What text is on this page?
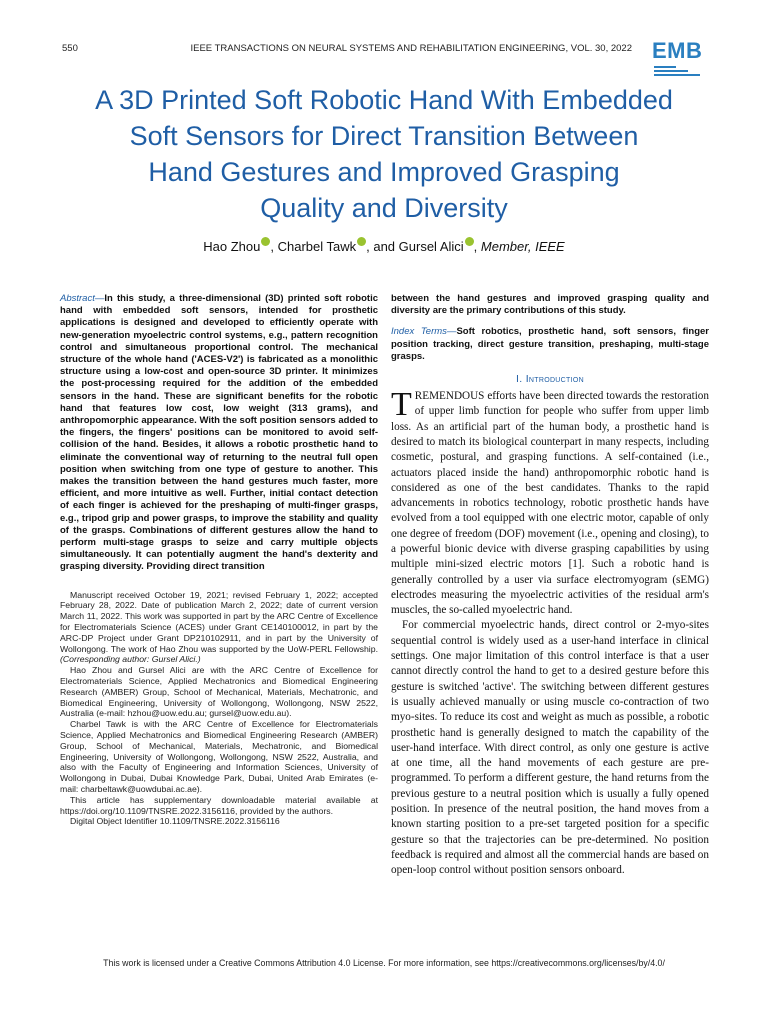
550	IEEE TRANSACTIONS ON NEURAL SYSTEMS AND REHABILITATION ENGINEERING, VOL. 30, 2022 EMB
A 3D Printed Soft Robotic Hand With Embedded
Soft Sensors for Direct Transition Between
Hand Gestures and Improved Grasping
Quality and Diversity
Hao Zhou , Charbel Tawk , and Gursel Alici , Member, IEEE
Abstract—In this study, a three-dimensional (3D) printed soft robotic hand with embedded soft sensors, intended for prosthetic applications is designed and developed to efficiently operate with new-generation myoelectric control systems, e.g., pattern recognition control and simultaneous proportional control. The mechanical structure of the whole hand ('ACES-V2') is fabricated as a monolithic structure using a low-cost and open-source 3D printer. It minimizes the post-processing required for the addition of the embedded sensors in the hand. These are significant benefits for the robotic hand that features low cost, low weight (313 grams), and anthropomorphic appearance. With the soft position sensors added to the fingers, the fingers' positions can be monitored to avoid self-collision of the hand. Besides, it allows a robotic prosthetic hand to eliminate the conventional way of returning to the neutral full open position when switching from one type of gesture to another. This makes the transition between the hand gestures much faster, more efficient, and more intuitive as well. Further, initial contact detection of each finger is achieved for the preshaping of multi-finger grasps, e.g., tripod grip and power grasps, to improve the stability and quality of the grasps. Combinations of different gestures allow the hand to perform multi-stage grasps to seize and carry multiple objects simultaneously. It can potentially augment the hand's dexterity and grasping diversity. Providing direct transition

Manuscript received October 19, 2021; revised February 1, 2022; accepted February 28, 2022. Date of publication March 2, 2022; date of current version March 11, 2022. This work was supported in part by the ARC Centre of Excellence for Electromaterials Science (ACES) under Grant CE140100012, in part by the ARC-DP Project under Grant DP210102911, and in part by the University of Wollongong. The work of Hao Zhou was supported by the UoW-PERL Fellowship. (Corresponding author: Gursel Alici.)

Hao Zhou and Gursel Alici are with the ARC Centre of Excellence for Electromaterials Science, Applied Mechatronics and Biomedical Engineering Research (AMBER) Group, School of Mechanical, Materials, Mechatronic, and Biomedical Engineering, University of Wollongong, Wollongong, NSW 2522, Australia (e-mail: hzhou@uow.edu.au; gursel@uow.edu.au).

Charbel Tawk is with the ARC Centre of Excellence for Electromaterials Science, Applied Mechatronics and Biomedical Engineering Research (AMBER) Group, School of Mechanical, Materials, Mechatronic, and Biomedical Engineering, University of Wollongong, Wollongong, NSW 2522, Australia, and also with the Faculty of Engineering and Information Sciences, University of Wollongong in Dubai, Dubai Knowledge Park, Dubai, United Arab Emirates (e-mail: charbeltawk@uowdubai.ac.ae).

This article has supplementary downloadable material available at https://doi.org/10.1109/TNSRE.2022.3156116, provided by the authors.

Digital Object Identifier 10.1109/TNSRE.2022.3156116

between the hand gestures and improved grasping quality and diversity are the primary contributions of this study.
Index Terms—Soft robotics, prosthetic hand, soft sensors, finger position tracking, direct gesture transition, preshaping, multi-stage grasps.
I. Introduction

TREMENDOUS efforts have been directed towards the restoration of upper limb function for people who suffer from upper limb loss. As an artificial part of the human body, a prosthetic hand is desired to match its biological counterpart in many respects, including cosmetic, postural, and grasping functions. A self-contained (i.e., actuators placed inside the hand) anthropomorphic robotic hand is considered as one of the best candidates. Thanks to the rapid advancements in robotics technology, robotic prosthetic hands have evolved from a tool equipped with one electric motor, capable of only one degree of freedom (DOF) movement (i.e., opening and closing), to a powerful bionic device with diverse grasping capabilities by using multiple mini-sized electric motors [1]. Such a robotic hand is generally controlled by a user via surface electromyogram (sEMG) electrodes measuring the myoelectric activities of the residual arm's muscles, the so-called myoelectric hand.

For commercial myoelectric hands, direct control or 2-myo-sites sequential control is widely used as a user-hand interface in clinical settings. One major limitation of this control interface is that a user cannot directly control the hand to get to a desired gesture before this gesture is switched 'active'. The switching between different gestures is usually achieved manually or using muscle co-contraction of two myo-sites. To reduce its cost and weight as much as possible, a robotic prosthetic hand is generally designed to match the capability of the user-hand interface. With direct control, as only one gesture is active at one time, all the hand movements of each gesture are pre-programmed. To perform a different gesture, the hand returns from the previous gesture to a neutral position which is usually a fully opened position. In presence of the neutral position, the hand moves from a known starting position to a pre-set targeted position for a specific gesture so that the trajectories can be pre-determined. No position feedback is required and almost all the commercial hands are based on open-loop control without position sensors onboard.

This work is licensed under a Creative Commons Attribution 4.0 License. For more information, see https://creativecommons.org/licenses/by/4.0/
